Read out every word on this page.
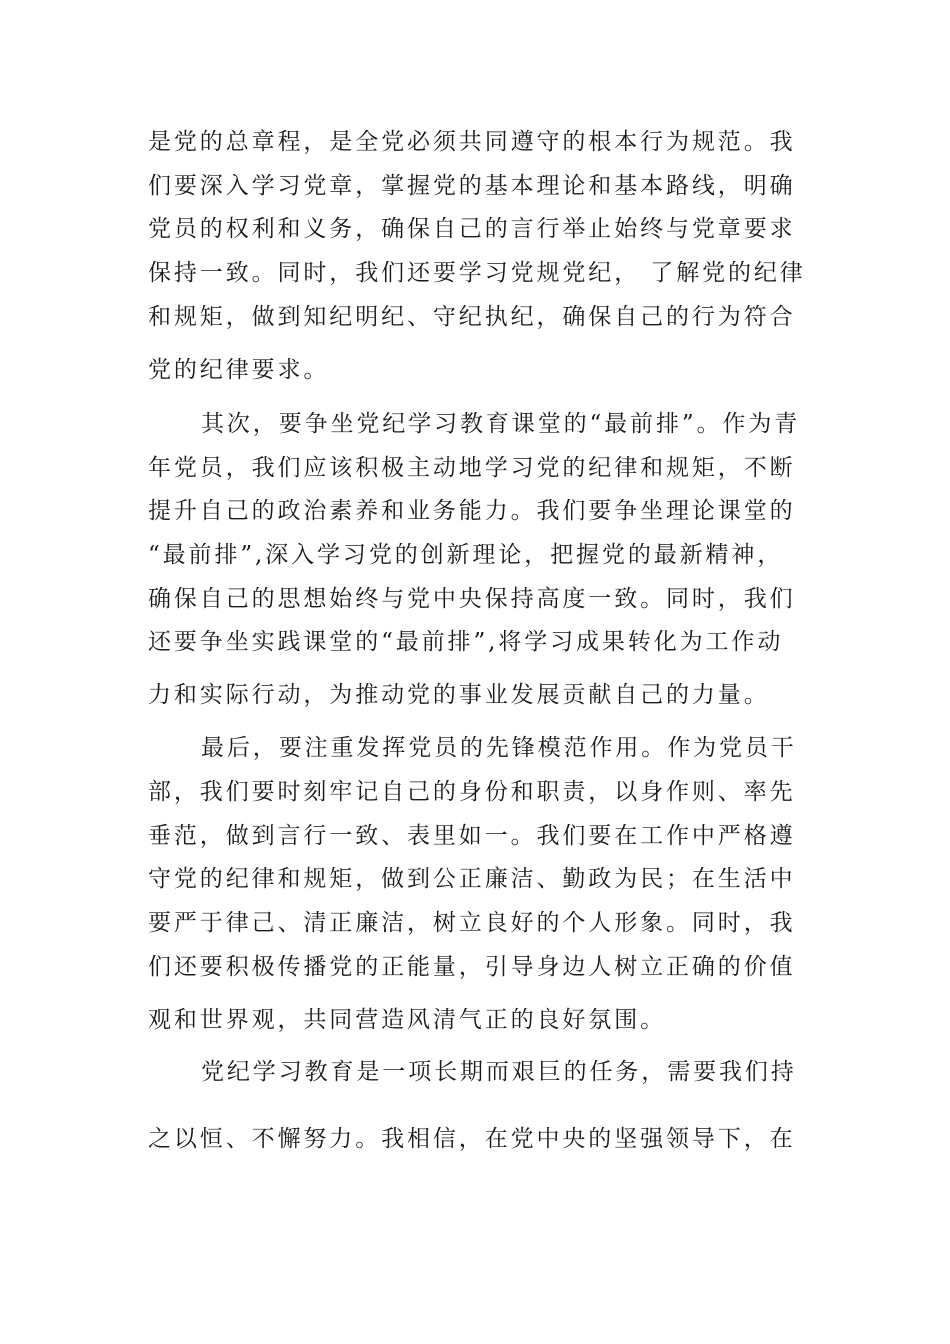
是党的总章程，是全党必须共同遵守的根本行为规范。我
们要深入学习党章，掌握党的基本理论和基本路线，明确
党员的权利和义务，确保自己的言行举止始终与党章要求
保持一致。同时，我们还要学习党规党纪， 了解党的纪律
和规矩，做到知纪明纪、守纪执纪，确保自己的行为符合
党的纪律要求。
其次，要争坐党纪学习教育课堂的“最前排”。作为青
年党员，我们应该积极主动地学习党的纪律和规矩，不断
提升自己的政治素养和业务能力。我们要争坐理论课堂的
“最前排”,深入学习党的创新理论，把握党的最新精神，
确保自己的思想始终与党中央保持高度一致。同时，我们
还要争坐实践课堂的“最前排”,将学习成果转化为工作动
力和实际行动，为推动党的事业发展贡献自己的力量。
最后，要注重发挥党员的先锋模范作用。作为党员干
部，我们要时刻牢记自己的身份和职责，以身作则、率先
垂范，做到言行一致、表里如一。我们要在工作中严格遵
守党的纪律和规矩，做到公正廉洁、勤政为民；在生活中
要严于律己、清正廉洁，树立良好的个人形象。同时，我
们还要积极传播党的正能量，引导身边人树立正确的价值
观和世界观，共同营造风清气正的良好氛围。
党纪学习教育是一项长期而艰巨的任务，需要我们持
之以恒、不懈努力。我相信，在党中央的坚强领导下，在
